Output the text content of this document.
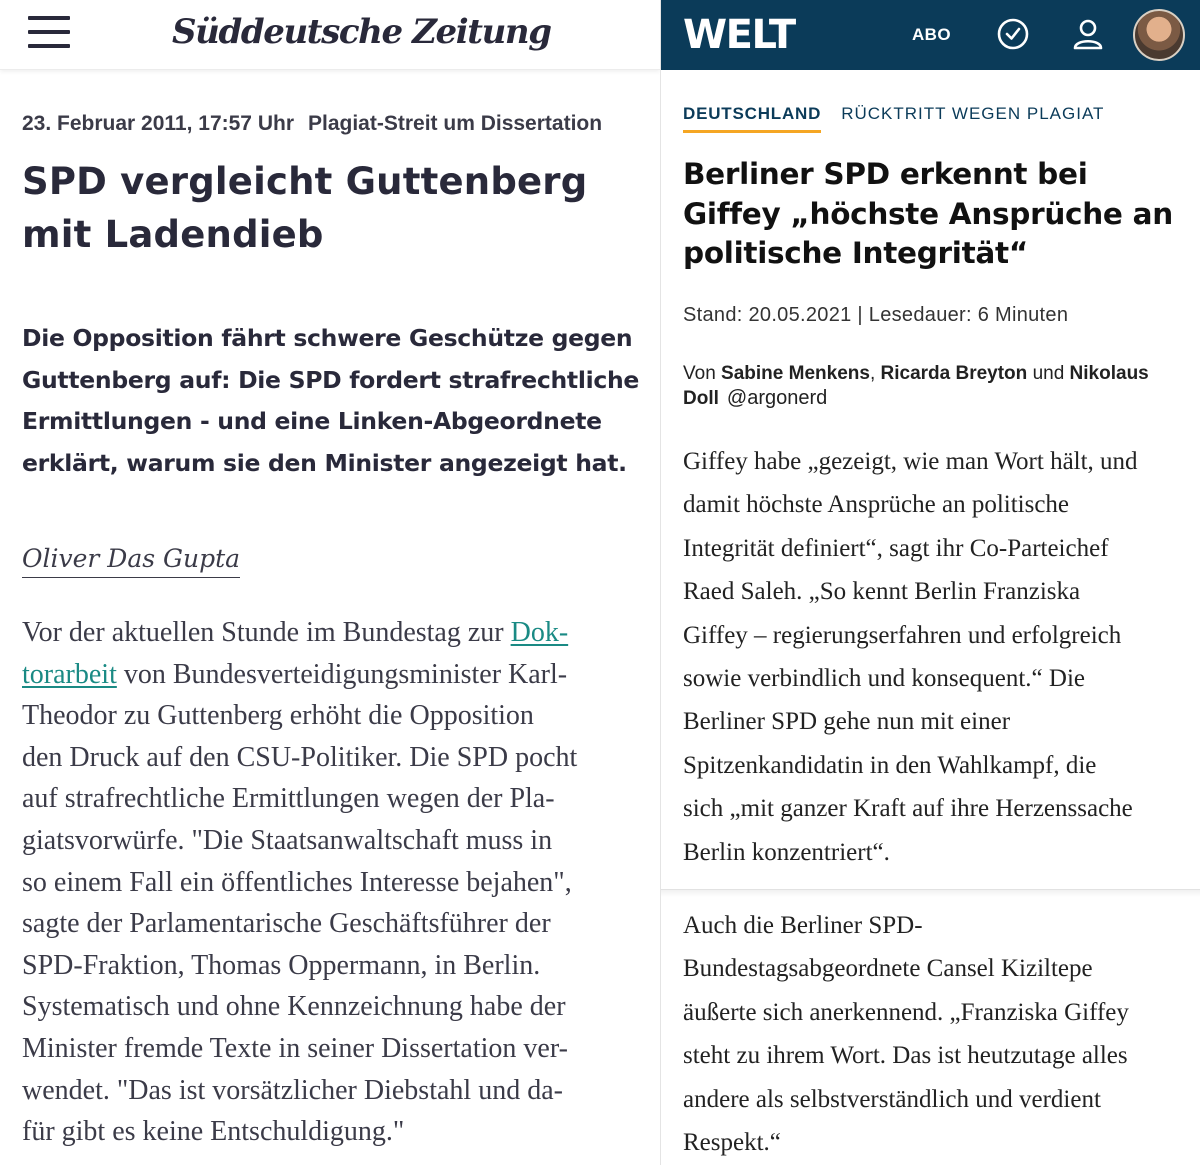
Süddeutsche Zeitung
23. Februar 2011, 17:57 Uhr Plagiat-Streit um Dissertation
SPD vergleicht Guttenberg mit Ladendieb

Die Opposition fährt schwere Geschütze gegen Guttenberg auf: Die SPD fordert strafrechtliche Ermittlungen - und eine Linken-Abgeordnete erklärt, warum sie den Minister angezeigt hat.

Oliver Das Gupta
Vor der aktuellen Stunde im Bundestag zur Dok-
torarbeit von Bundesverteidigungsminister Karl-
Theodor zu Guttenberg erhöht die Opposition
den Druck auf den CSU-Politiker. Die SPD pocht
auf strafrechtliche Ermittlungen wegen der Pla-
giatsvorwürfe. "Die Staatsanwaltschaft muss in
so einem Fall ein öffentliches Interesse bejahen",
sagte der Parlamentarische Geschäftsführer der
SPD-Fraktion, Thomas Oppermann, in Berlin.
Systematisch und ohne Kennzeichnung habe der
Minister fremde Texte in seiner Dissertation ver-
wendet. "Das ist vorsätzlicher Diebstahl und da-
für gibt es keine Entschuldigung."
WELT	ABO
DEUTSCHLAND RÜCKTRITT WEGEN PLAGIAT
Berliner SPD erkennt bei Giffey „höchste Ansprüche an politische Integrität“
Stand: 20.05.2021 | Lesedauer: 6 Minuten
Von Sabine Menkens, Ricarda Breyton und Nikolaus Doll @argonerd
Giffey habe „gezeigt, wie man Wort hält, und
damit höchste Ansprüche an politische
Integrität definiert“, sagt ihr Co-Parteichef
Raed Saleh. „So kennt Berlin Franziska
Giffey – regierungserfahren und erfolgreich
sowie verbindlich und konsequent.“ Die
Berliner SPD gehe nun mit einer
Spitzenkandidatin in den Wahlkampf, die
sich „mit ganzer Kraft auf ihre Herzenssache
Berlin konzentriert“.
Auch die Berliner SPD-
Bundestagsabgeordnete Cansel Kiziltepe
äußerte sich anerkennend. „Franziska Giffey
steht zu ihrem Wort. Das ist heutzutage alles
andere als selbstverständlich und verdient
Respekt.“
